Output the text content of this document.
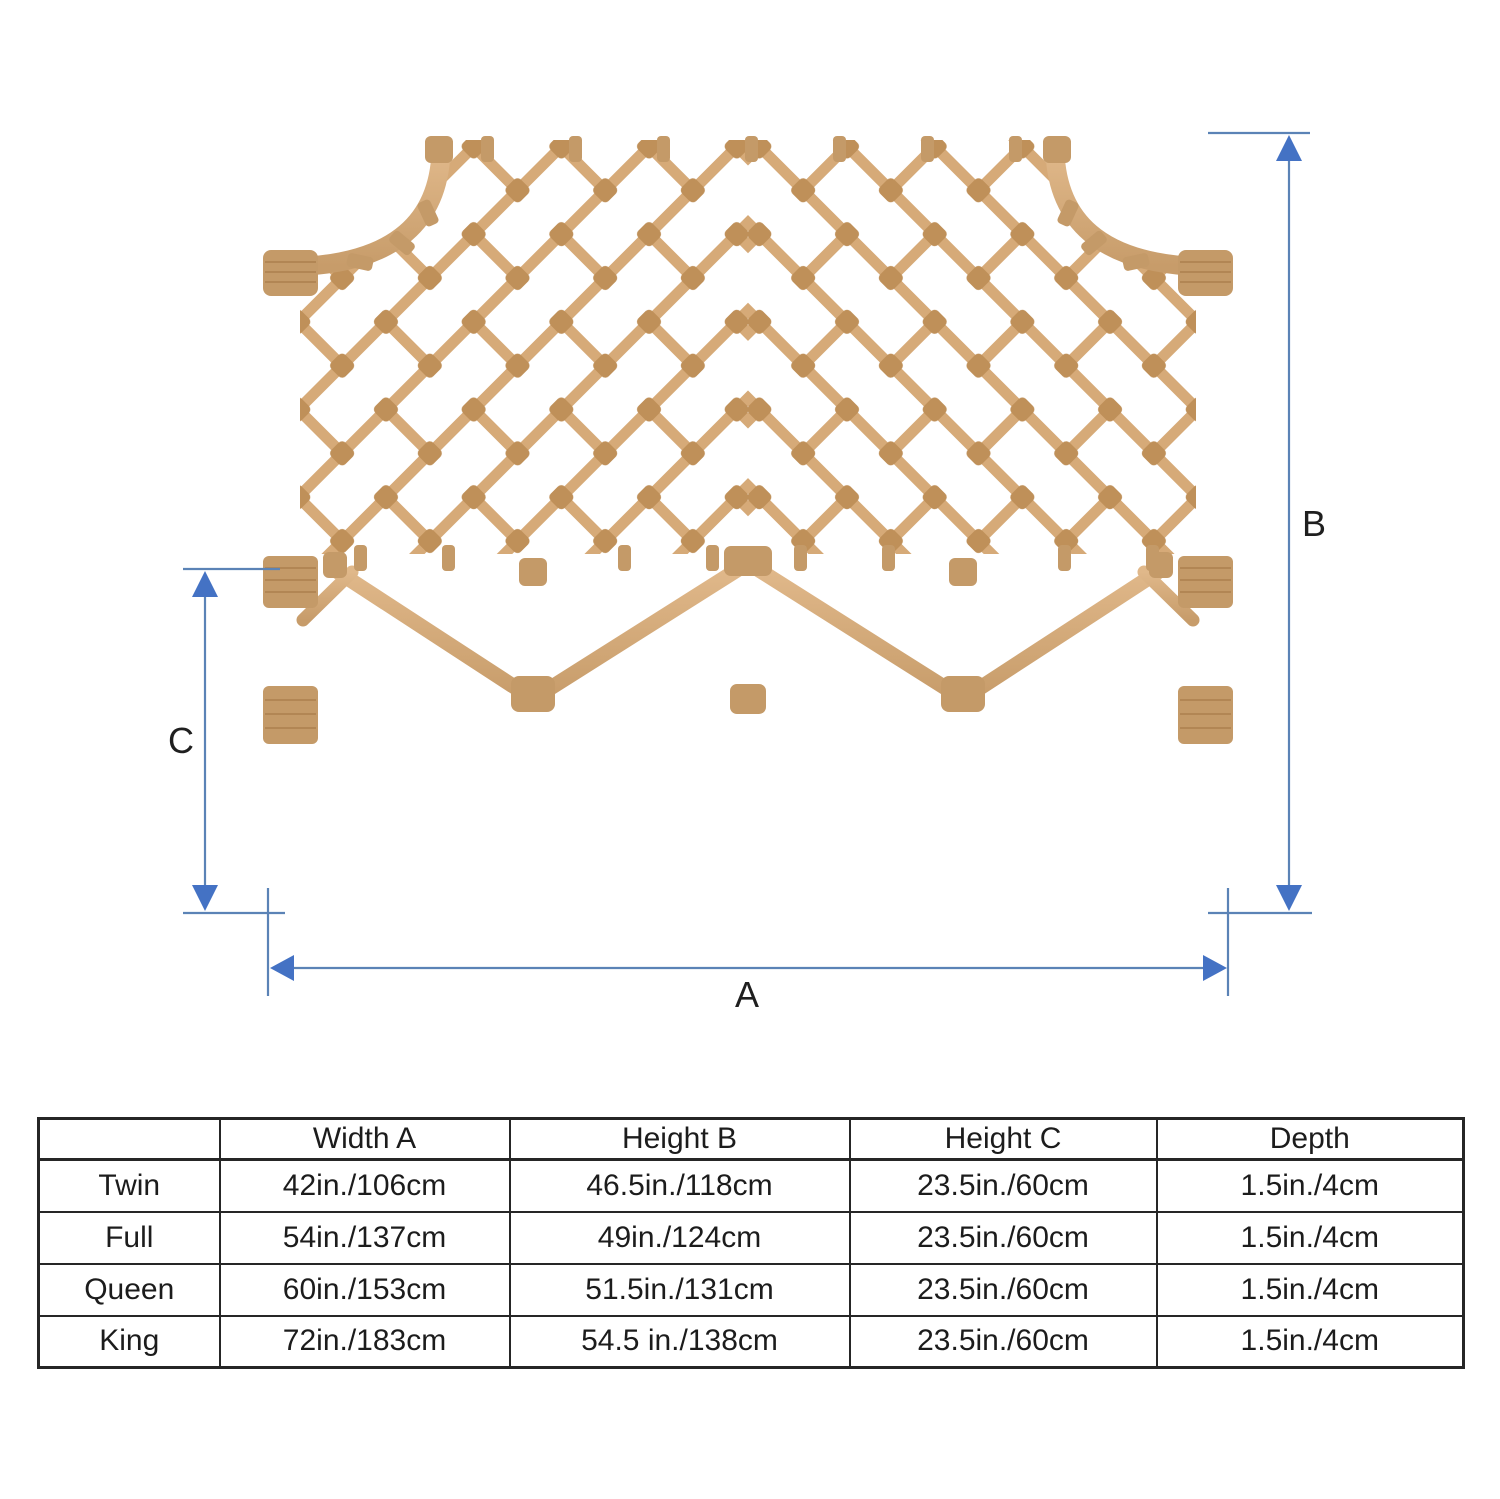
A
B
C
	Width A	Height B	Height C	Depth
Twin	42in./106cm	46.5in./118cm	23.5in./60cm	1.5in./4cm
Full	54in./137cm	49in./124cm	23.5in./60cm	1.5in./4cm
Queen	60in./153cm	51.5in./131cm	23.5in./60cm	1.5in./4cm
King	72in./183cm	54.5 in./138cm	23.5in./60cm	1.5in./4cm
